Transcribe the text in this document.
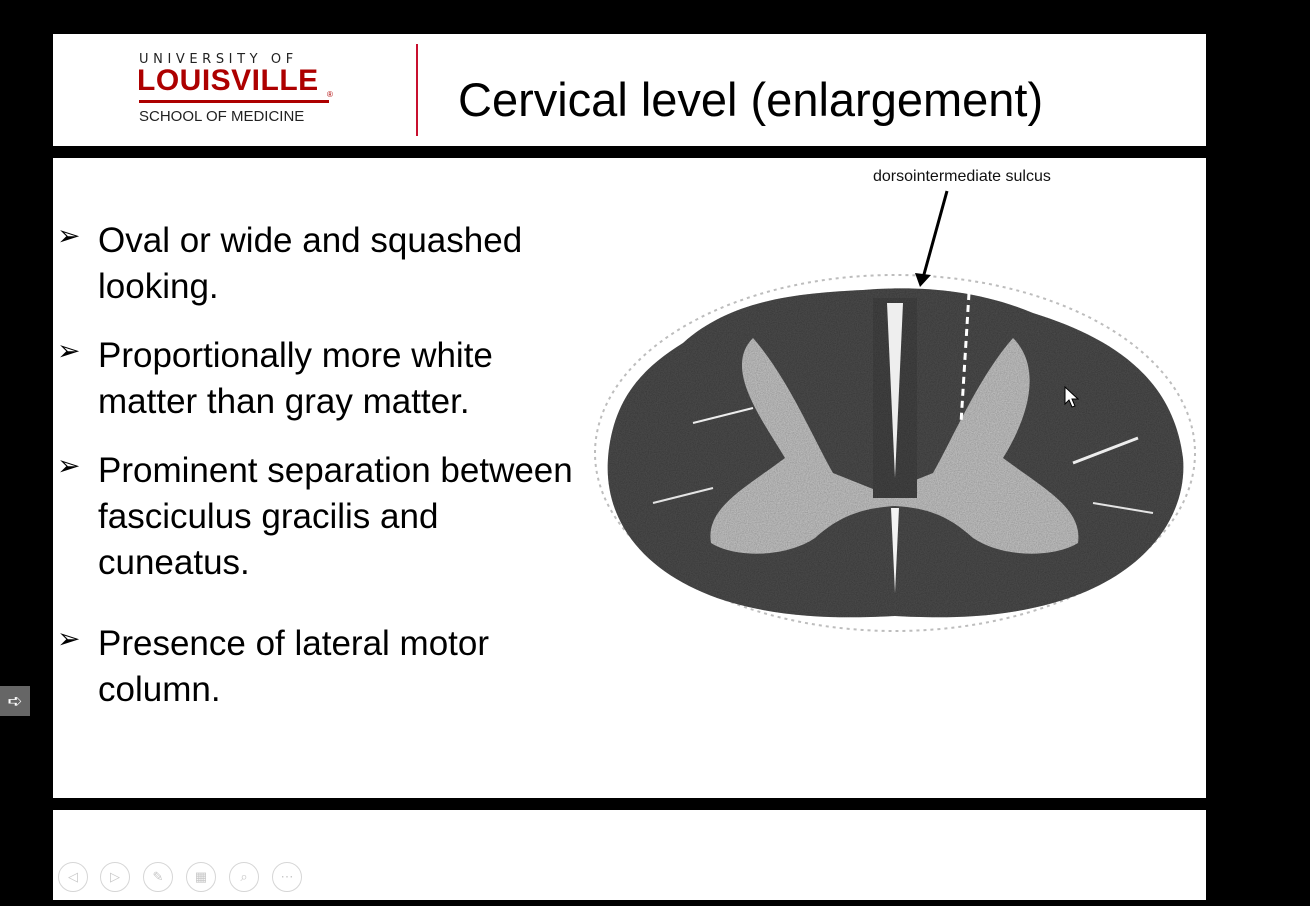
UNIVERSITY OF
LOUISVILLE ®
SCHOOL OF MEDICINE	Cervical level (enlargement)
➢ Oval or wide and squashed looking.
➢ Proportionally more white matter than gray matter.
➢ Prominent separation between fasciculus gracilis and cuneatus.
➢ Presence of lateral motor column.
dorsointermediate sulcus
◁ ▷	✎ ▦	⌕	⋯
➪
